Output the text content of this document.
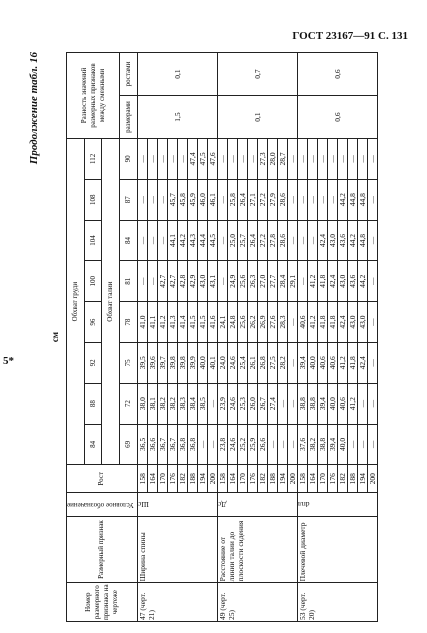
ГОСТ 23167—91 С. 131
5*
Продолжение табл. 16
см
Номер размерного признака на чертеже	Размерный признак	Условное обозначение	Рост	Обхват груди								Разность значений размерных признаков между смежными	
				84	88	92	96	100	104	108	112		
				Обхват талии									
				69	72	75	78	81	84	87	90	размерами	ростами
47 (черт. 21)	Ширина спины	Шс	158	36,5	38,0	39,5	41,0	—	—	—	—	1,5	0,1
			164	36,6	38,1	39,6	41,1	—	—	—	—		
			170	36,7	38,2	39,7	41,2	42,7	—	—	—		
			176	36,7	38,2	39,8	41,3	42,7	44,1	45,7	—		
			182	36,8	38,3	39,8	41,4	42,8	44,2	45,8	—		
			188	36,8	38,4	39,9	41,5	42,9	44,3	45,9	47,4		
			194	—	38,5	40,0	41,5	43,0	44,4	46,0	47,5		
			200	—	—	40,1	41,6	43,1	44,5	46,1	47,6		
49 (черт. 25)	Расстояние от линии талии до плоскости сидения	Дс	158	23,8	23,9	24,0	24,1	—	—	—	—	0,1	0,7
			164	24,6	24,6	24,6	24,8	24,9	25,0	25,8	—		
			170	25,2	25,3	25,4	25,6	25,6	25,7	26,4	—		
			176	25,9	26,0	26,1	26,2	26,3	26,4	27,1	—		
			182	26,6	26,7	26,8	26,9	27,0	27,2	27,2	27,3		
			188	—	27,4	27,5	27,6	27,7	27,8	27,9	28,0		
			194	—	—	28,2	28,3	28,4	28,6	28,6	28,7		
			200	—	—	—	—	29,1	—	—	—		
53 (черт. 20)	Плечевой диаметр	dпл	158	37,6	38,8	39,4	40,6	—	—	—	—	0,6	0,6
			164	38,2	38,8	40,0	41,2	41,2	—	—	—		
			170	38,8	39,4	40,6	41,8	41,8	42,4	—	—		
			176	39,4	40,0	40,6	41,8	42,4	43,0	—	—		
			182	40,0	40,6	41,2	42,4	43,0	43,6	44,2	—		
			188	—	41,2	41,8	43,0	43,6	44,2	44,8	—		
			194	—	—	42,4	43,0	44,2	44,8	44,8	—		
			200	—	—	—	—	—	—	—	—		
